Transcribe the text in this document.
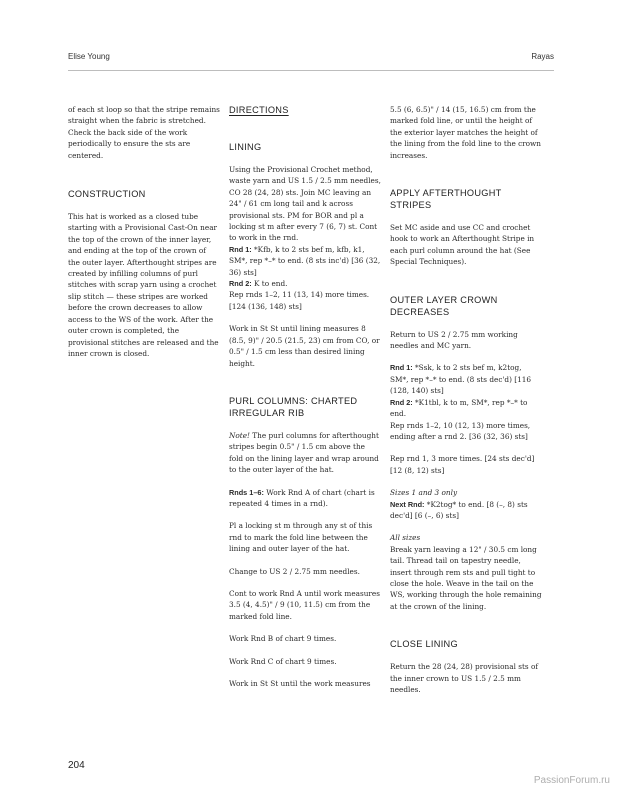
Elise Young	Rayas

of each st loop so that the stripe remains straight when the fabric is stretched. Check the back side of the work periodically to ensure the sts are centered.

CONSTRUCTION

This hat is worked as a closed tube starting with a Provisional Cast-On near the top of the crown of the inner layer, and ending at the top of the crown of the outer layer. Afterthought stripes are created by infilling columns of purl stitches with scrap yarn using a crochet slip stitch — these stripes are worked before the crown decreases to allow access to the WS of the work. After the outer crown is completed, the provisional stitches are released and the inner crown is closed.

DIRECTIONS

LINING

Using the Provisional Crochet method, waste yarn and US 1.5 / 2.5 mm needles, CO 28 (24, 28) sts. Join MC leaving an 24" / 61 cm long tail and k across provisional sts. PM for BOR and pl a locking st m after every 7 (6, 7) st. Cont to work in the rnd.

Rnd 1: *Kfb, k to 2 sts bef m, kfb, k1, SM*, rep *–* to end. (8 sts inc'd) [36 (32, 36) sts]

Rnd 2: K to end.

Rep rnds 1–2, 11 (13, 14) more times. [124 (136, 148) sts]

Work in St St until lining measures 8 (8.5, 9)" / 20.5 (21.5, 23) cm from CO, or 0.5" / 1.5 cm less than desired lining height.

PURL COLUMNS: CHARTED IRREGULAR RIB

Note! The purl columns for afterthought stripes begin 0.5" / 1.5 cm above the fold on the lining layer and wrap around to the outer layer of the hat.

Rnds 1–6: Work Rnd A of chart (chart is repeated 4 times in a rnd).

Pl a locking st m through any st of this rnd to mark the fold line between the lining and outer layer of the hat.

Change to US 2 / 2.75 mm needles.

Cont to work Rnd A until work measures 3.5 (4, 4.5)" / 9 (10, 11.5) cm from the marked fold line.

Work Rnd B of chart 9 times.

Work Rnd C of chart 9 times.

Work in St St until the work measures

5.5 (6, 6.5)" / 14 (15, 16.5) cm from the marked fold line, or until the height of the exterior layer matches the height of the lining from the fold line to the crown increases.

APPLY AFTERTHOUGHT STRIPES

Set MC aside and use CC and crochet hook to work an Afterthought Stripe in each purl column around the hat (See Special Techniques).

OUTER LAYER CROWN DECREASES

Return to US 2 / 2.75 mm working needles and MC yarn.

Rnd 1: *Ssk, k to 2 sts bef m, k2tog, SM*, rep *–* to end. (8 sts dec'd) [116 (128, 140) sts]

Rnd 2: *K1tbl, k to m, SM*, rep *–* to end.

Rep rnds 1–2, 10 (12, 13) more times, ending after a rnd 2. [36 (32, 36) sts]

Rep rnd 1, 3 more times. [24 sts dec'd] [12 (8, 12) sts]

Sizes 1 and 3 only

Next Rnd: *K2tog* to end. [8 (–, 8) sts dec'd] [6 (–, 6) sts]

All sizes

Break yarn leaving a 12" / 30.5 cm long tail. Thread tail on tapestry needle, insert through rem sts and pull tight to close the hole. Weave in the tail on the WS, working through the hole remaining at the crown of the lining.

CLOSE LINING

Return the 28 (24, 28) provisional sts of the inner crown to US 1.5 / 2.5 mm needles.

204
PassionForum.ru
